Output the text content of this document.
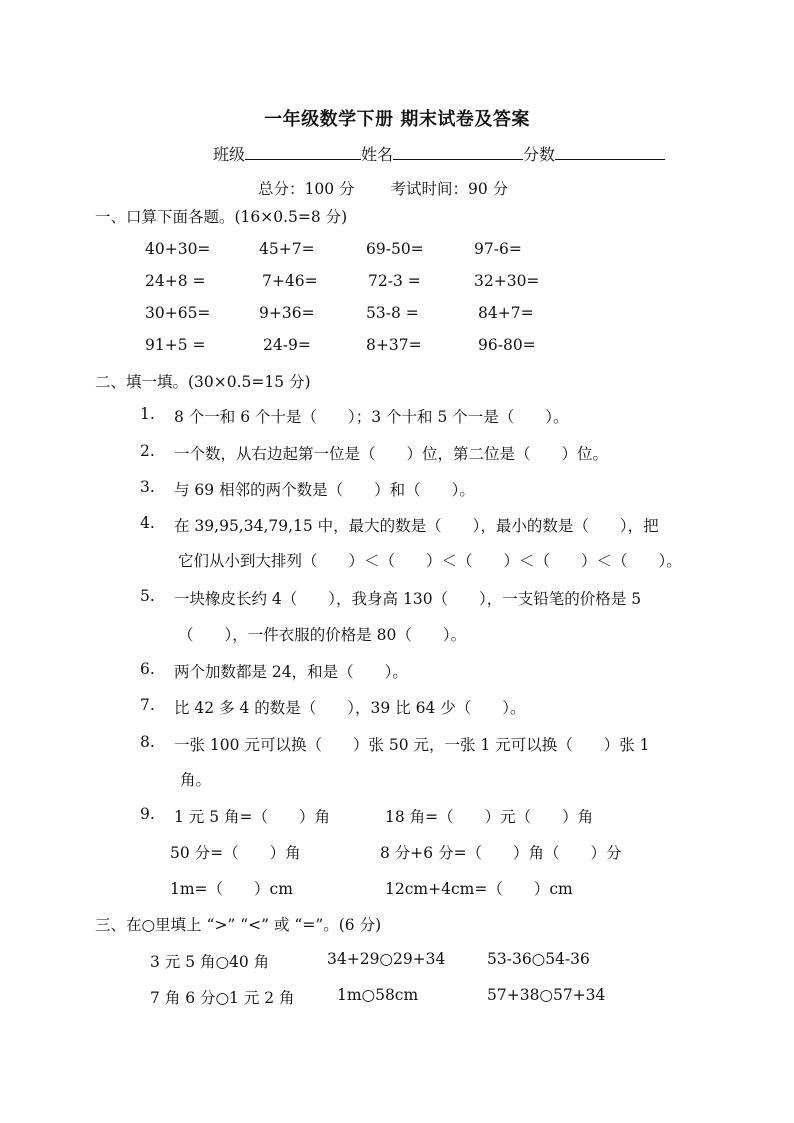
一年级数学下册 期末试卷及答案
班级	姓名	分数
总分：100 分 考试时间：90 分
一、口算下面各题。(16×0.5=8 分)
40+30=	45+7=	69-50=	97-6=
24+8 =	7+46=	72-3 =	32+30=
30+65=	9+36=	53-8 =	84+7=
91+5 =	24-9=	8+37=	96-80=
二、填一填。(30×0.5=15 分)
1. 8 个一和 6 个十是（　　）；3 个十和 5 个一是（　　）。
2. 一个数，从右边起第一位是（　　）位，第二位是（　　）位。
3. 与 69 相邻的两个数是（　　）和（　　）。
4. 在 39,95,34,79,15 中，最大的数是（　　），最小的数是（　　），把
它们从小到大排列（　　）＜（　　）＜（　　）＜（　　）＜（　　）。
5. 一块橡皮长约 4（　　），我身高 130（　　），一支铅笔的价格是 5
（　　），一件衣服的价格是 80（　　）。
6. 两个加数都是 24，和是（　　）。
7. 比 42 多 4 的数是（　　），39 比 64 少（　　）。
8. 一张 100 元可以换（　　）张 50 元，一张 1 元可以换（　　）张 1
角。
9. 1 元 5 角=（　　）角	18 角=（　　）元（　　）角
50 分=（　　）角	8 分+6 分=（　　）角（　　）分
1m=（　　）cm	12cm+4cm=（　　）cm
三、在○里填上 “>” “<” 或 “=”。(6 分)
3 元 5 角○40 角	34+29○29+34	53-36○54-36
7 角 6 分○1 元 2 角	1m○58cm	57+38○57+34
